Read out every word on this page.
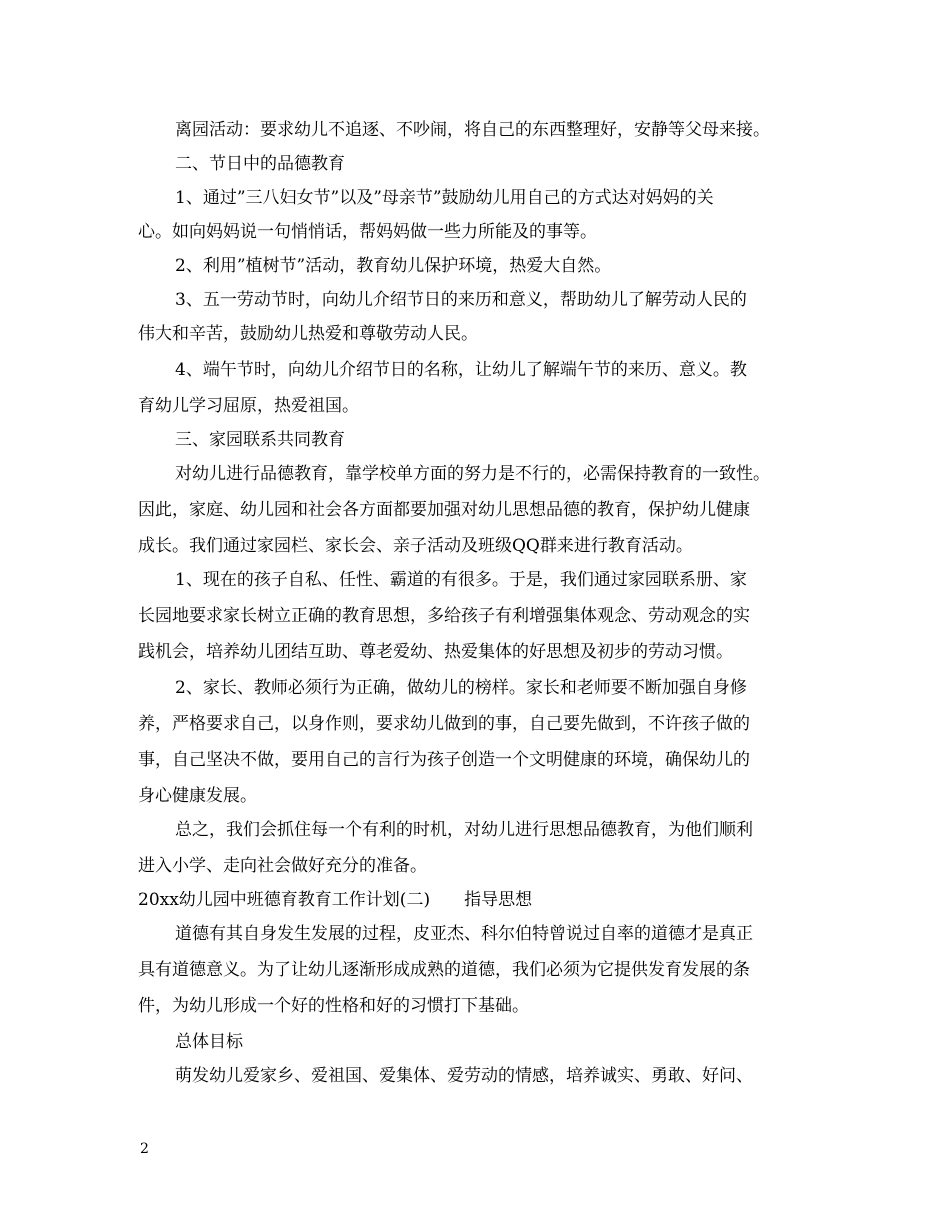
离园活动：要求幼儿不追逐、不吵闹，将自己的东西整理好，安静等父母来接。
二、节日中的品德教育
1、通过”三八妇女节”以及”母亲节”鼓励幼儿用自己的方式达对妈妈的关
心。如向妈妈说一句悄悄话，帮妈妈做一些力所能及的事等。
2、利用”植树节”活动，教育幼儿保护环境，热爱大自然。
3、五一劳动节时，向幼儿介绍节日的来历和意义，帮助幼儿了解劳动人民的
伟大和辛苦，鼓励幼儿热爱和尊敬劳动人民。
4、端午节时，向幼儿介绍节日的名称，让幼儿了解端午节的来历、意义。教
育幼儿学习屈原，热爱祖国。
三、家园联系共同教育
对幼儿进行品德教育，靠学校单方面的努力是不行的，必需保持教育的一致性。
因此，家庭、幼儿园和社会各方面都要加强对幼儿思想品德的教育，保护幼儿健康
成长。我们通过家园栏、家长会、亲子活动及班级QQ群来进行教育活动。
1、现在的孩子自私、任性、霸道的有很多。于是，我们通过家园联系册、家
长园地要求家长树立正确的教育思想，多给孩子有利增强集体观念、劳动观念的实
践机会，培养幼儿团结互助、尊老爱幼、热爱集体的好思想及初步的劳动习惯。
2、家长、教师必须行为正确，做幼儿的榜样。家长和老师要不断加强自身修
养，严格要求自己，以身作则，要求幼儿做到的事，自己要先做到，不许孩子做的
事，自己坚决不做，要用自己的言行为孩子创造一个文明健康的环境，确保幼儿的
身心健康发展。
总之，我们会抓住每一个有利的时机，对幼儿进行思想品德教育，为他们顺利
进入小学、走向社会做好充分的准备。
20xx幼儿园中班德育教育工作计划(二)　　指导思想
道德有其自身发生发展的过程，皮亚杰、科尔伯特曾说过自率的道德才是真正
具有道德意义。为了让幼儿逐渐形成成熟的道德，我们必须为它提供发育发展的条
件，为幼儿形成一个好的性格和好的习惯打下基础。
总体目标
萌发幼儿爱家乡、爱祖国、爱集体、爱劳动的情感，培养诚实、勇敢、好问、
2
